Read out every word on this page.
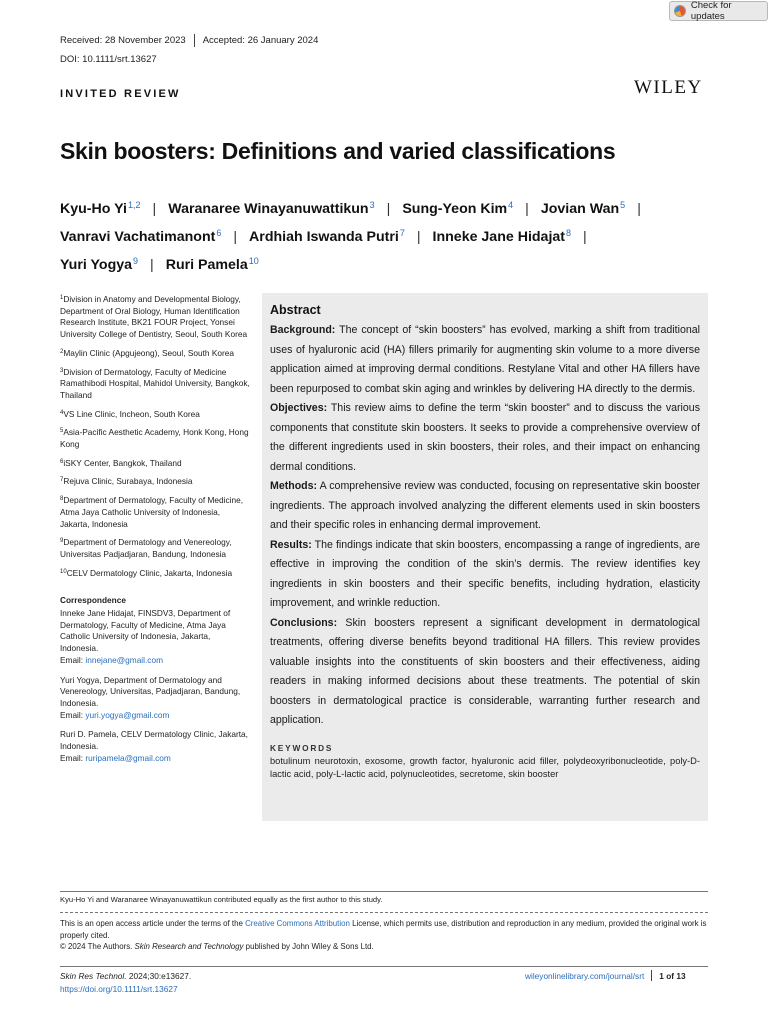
Check for updates
Received: 28 November 2023 Accepted: 26 January 2024
DOI: 10.1111/srt.13627
WILEY
INVITED REVIEW
Skin boosters: Definitions and varied classifications
Kyu-Ho Yi$^{1,2}$ | Waranaree Winayanuwattikun$^3$ | Sung-Yeon Kim$^4$ | Jovian Wan$^5$ |
Vanravi Vachatimanont$^6$ | Ardhiah Iswanda Putri$^7$ | Inneke Jane Hidajat$^8$ |
Yuri Yogya$^9$ | Ruri Pamela$^{10}$
$^1$Division in Anatomy and Developmental Biology, Department of Oral Biology, Human Identification Research Institute, BK21 FOUR Project, Yonsei University College of Dentistry, Seoul, South Korea
$^2$Maylin Clinic (Apgujeong), Seoul, South Korea
$^3$Division of Dermatology, Faculty of Medicine Ramathibodi Hospital, Mahidol University, Bangkok, Thailand
$^4$VS Line Clinic, Incheon, South Korea
$^5$Asia-Pacific Aesthetic Academy, Honk Kong, Hong Kong
$^6$iSKY Center, Bangkok, Thailand
$^7$Rejuva Clinic, Surabaya, Indonesia
$^8$Department of Dermatology, Faculty of Medicine, Atma Jaya Catholic University of Indonesia, Jakarta, Indonesia
$^9$Department of Dermatology and Venereology, Universitas Padjadjaran, Bandung, Indonesia
$^{10}$CELV Dermatology Clinic, Jakarta, Indonesia
Correspondence
Inneke Jane Hidajat, FINSDV3, Department of Dermatology, Faculty of Medicine, Atma Jaya Catholic University of Indonesia, Jakarta, Indonesia.
Email: innejane@gmail.com
Yuri Yogya, Department of Dermatology and Venereology, Universitas, Padjadjaran, Bandung, Indonesia.
Email: yuri.yogya@gmail.com
Ruri D. Pamela, CELV Dermatology Clinic, Jakarta, Indonesia.
Email: ruripamela@gmail.com
Abstract

Background: The concept of “skin boosters” has evolved, marking a shift from traditional uses of hyaluronic acid (HA) fillers primarily for augmenting skin volume to a more diverse application aimed at improving dermal conditions. Restylane Vital and other HA fillers have been repurposed to combat skin aging and wrinkles by delivering HA directly to the dermis.

Objectives: This review aims to define the term “skin booster” and to discuss the various components that constitute skin boosters. It seeks to provide a comprehensive overview of the different ingredients used in skin boosters, their roles, and their impact on enhancing dermal conditions.

Methods: A comprehensive review was conducted, focusing on representative skin booster ingredients. The approach involved analyzing the different elements used in skin boosters and their specific roles in enhancing dermal improvement.

Results: The findings indicate that skin boosters, encompassing a range of ingredients, are effective in improving the condition of the skin’s dermis. The review identifies key ingredients in skin boosters and their specific benefits, including hydration, elasticity improvement, and wrinkle reduction.

Conclusions: Skin boosters represent a significant development in dermatological treatments, offering diverse benefits beyond traditional HA fillers. This review provides valuable insights into the constituents of skin boosters and their effectiveness, aiding readers in making informed decisions about these treatments. The potential of skin boosters in dermatological practice is considerable, warranting further research and application.

KEYWORDS
botulinum neurotoxin, exosome, growth factor, hyaluronic acid filler, polydeoxyribonucleotide, poly-D-lactic acid, poly-L-lactic acid, polynucleotides, secretome, skin booster
Kyu-Ho Yi and Waranaree Winayanuwattikun contributed equally as the first author to this study.
This is an open access article under the terms of the Creative Commons Attribution License, which permits use, distribution and reproduction in any medium, provided the original work is properly cited.
© 2024 The Authors. Skin Research and Technology published by John Wiley & Sons Ltd.
Skin Res Technol. 2024;30:e13627.
https://doi.org/10.1111/srt.13627
wileyonlinelibrary.com/journal/srt 1 of 13
